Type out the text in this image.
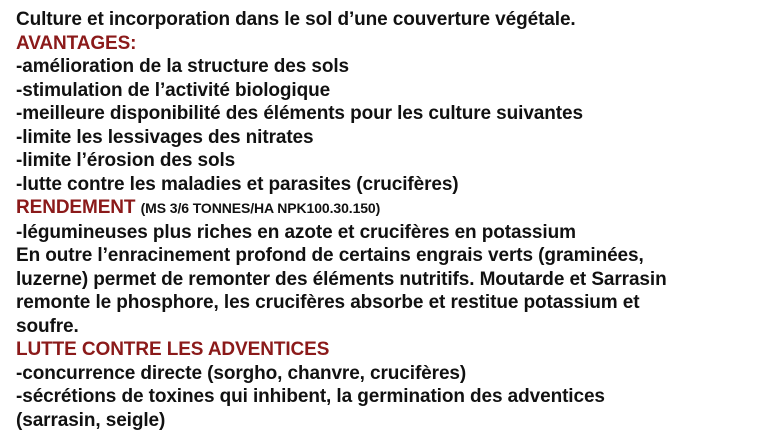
Culture et incorporation dans le sol d’une couverture végétale.
AVANTAGES:
-amélioration de la structure des sols
-stimulation de l’activité biologique
-meilleure disponibilité des éléments pour les culture suivantes
-limite les lessivages des nitrates
-limite l’érosion des sols
-lutte contre les maladies et parasites (crucifères)
RENDEMENT (MS 3/6 TONNES/HA NPK100.30.150)
-légumineuses plus riches en azote et crucifères en potassium
En outre l’enracinement profond de certains engrais verts (graminées,
luzerne) permet de remonter des éléments nutritifs. Moutarde et Sarrasin
remonte le phosphore, les crucifères absorbe et restitue potassium et
soufre.
LUTTE CONTRE LES ADVENTICES
-concurrence directe (sorgho, chanvre, crucifères)
-sécrétions de toxines qui inhibent, la germination des adventices
(sarrasin, seigle)
